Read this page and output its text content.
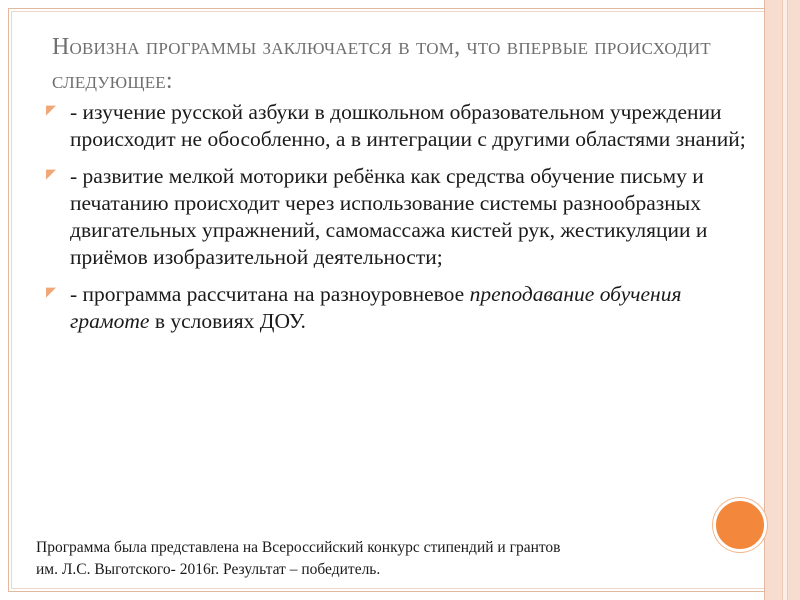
Новизна программы заключается в том, что впервые происходит следующее:
◤ - изучение русской азбуки в дошкольном образовательном учреждении происходит не обособленно, а в интеграции с другими областями знаний;
◤ - развитие мелкой моторики ребёнка как средства обучение письму и печатанию происходит через использование системы разнообразных двигательных упражнений, самомассажа кистей рук, жестикуляции и приёмов изобразительной деятельности;
◤ - программа рассчитана на разноуровневое преподавание обучения грамоте в условиях ДОУ.
Программа была представлена на Всероссийский конкурс стипендий и грантов
им. Л.С. Выготского- 2016г. Результат – победитель.
